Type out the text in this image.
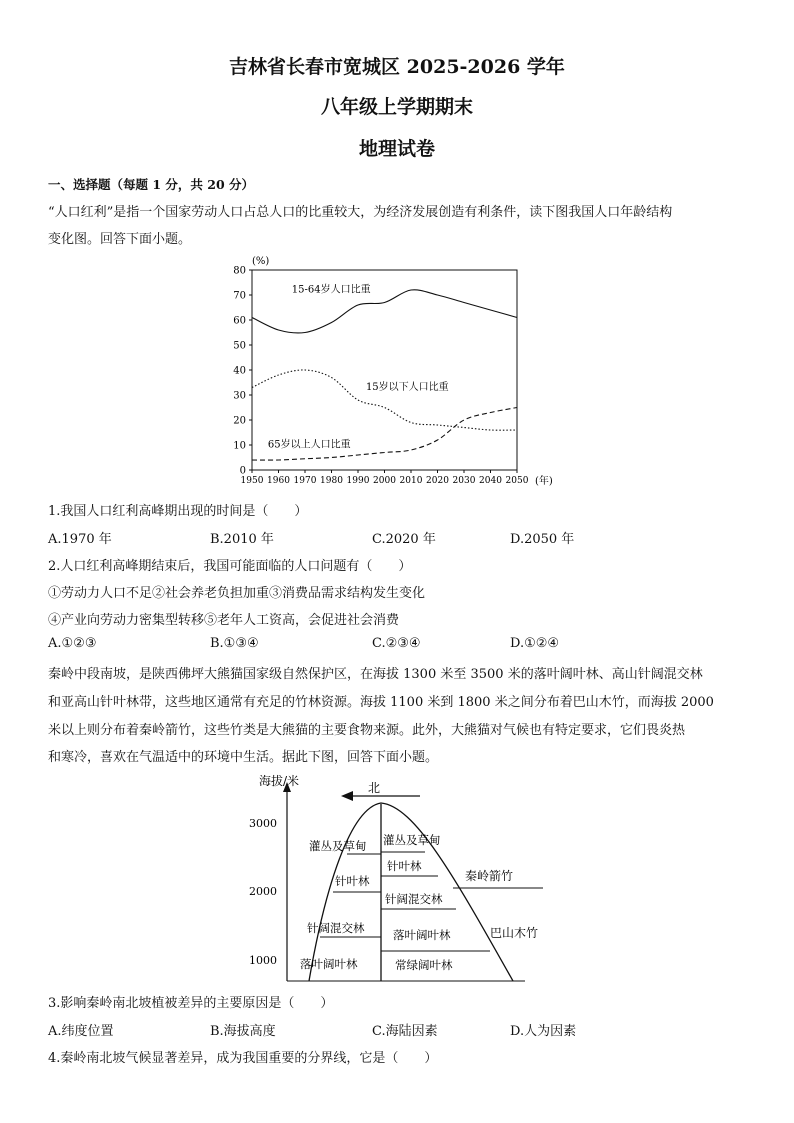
吉林省长春市宽城区 2025-2026 学年
八年级上学期期末
地理试卷
一、选择题（每题 1 分，共 20 分）
“人口红利”是指一个国家劳动人口占总人口的比重较大，为经济发展创造有利条件，读下图我国人口年龄结构
变化图。回答下面小题。
(%)
(年)
0
10
20
30
40
50
60
70
80
1950 1960 1970 1980 1990 2000 2010 2020 2030 2040 2050
15-64岁人口比重
15岁以下人口比重
65岁以上人口比重
1.我国人口红利高峰期出现的时间是（　　）
A.1970 年	B.2010 年	C.2020 年	D.2050 年
2.人口红利高峰期结束后，我国可能面临的人口问题有（　　）
①劳动力人口不足②社会养老负担加重③消费品需求结构发生变化
④产业向劳动力密集型转移⑤老年人工资高，会促进社会消费
A.①②③	B.①③④	C.②③④	D.①②④
秦岭中段南坡，是陕西佛坪大熊猫国家级自然保护区，在海拔 1300 米至 3500 米的落叶阔叶林、高山针阔混交林
和亚高山针叶林带，这些地区通常有充足的竹林资源。海拔 1100 米到 1800 米之间分布着巴山木竹，而海拔 2000
米以上则分布着秦岭箭竹，这些竹类是大熊猫的主要食物来源。此外，大熊猫对气候也有特定要求，它们畏炎热
和寒冷，喜欢在气温适中的环境中生活。据此下图，回答下面小题。
海拔/米
3000
2000
1000
北
灌丛及草甸
针叶林
针阔混交林
落叶阔叶林
灌丛及草甸
针叶林
针阔混交林
落叶阔叶林
常绿阔叶林
秦岭箭竹
巴山木竹
3.影响秦岭南北坡植被差异的主要原因是（　　）
A.纬度位置	B.海拔高度	C.海陆因素	D.人为因素
4.秦岭南北坡气候显著差异，成为我国重要的分界线，它是（　　）
